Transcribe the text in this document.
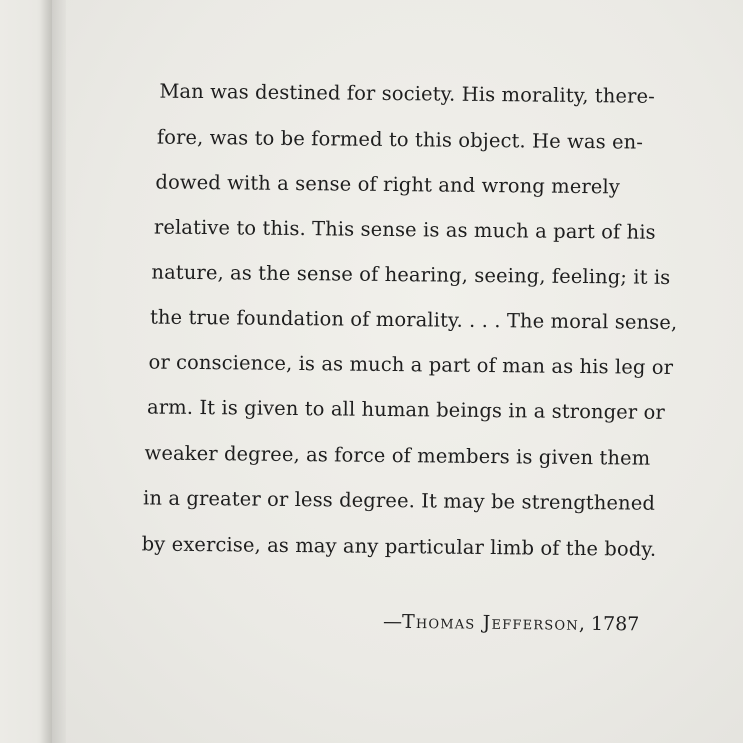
Man was destined for society. His morality, there-
fore, was to be formed to this object. He was en-
dowed with a sense of right and wrong merely
relative to this. This sense is as much a part of his
nature, as the sense of hearing, seeing, feeling; it is
the true foundation of morality. . . . The moral sense,
or conscience, is as much a part of man as his leg or
arm. It is given to all human beings in a stronger or
weaker degree, as force of members is given them
in a greater or less degree. It may be strengthened
by exercise, as may any particular limb of the body.
—Thomas Jefferson, 1787
